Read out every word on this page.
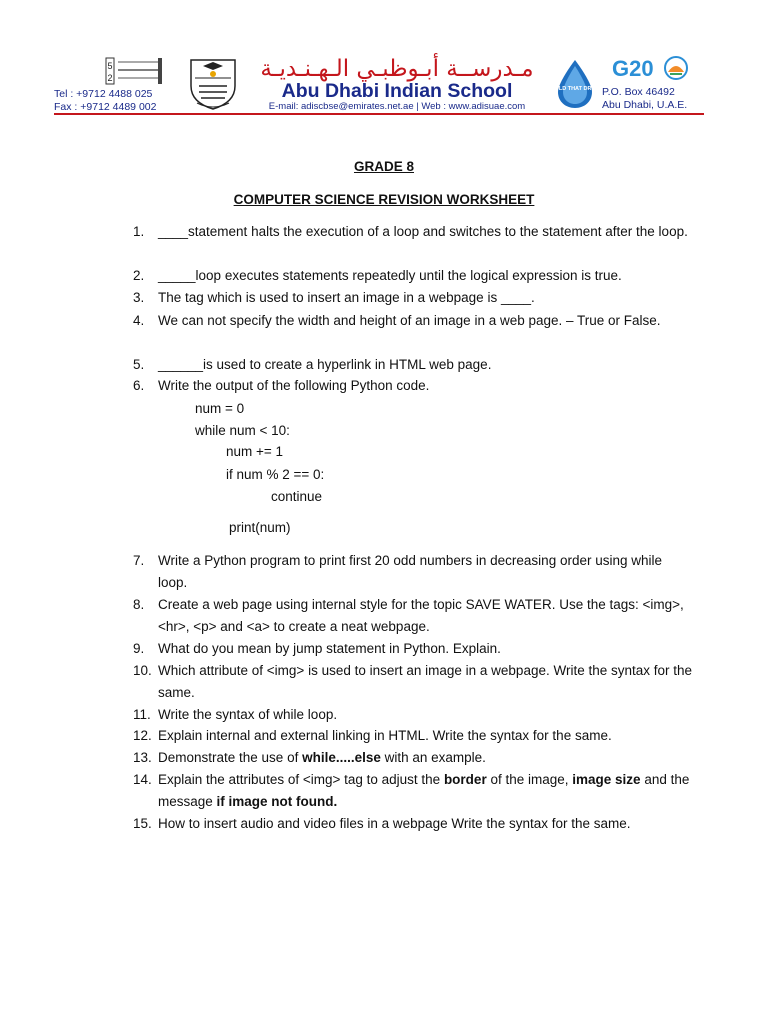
5
2
Tel : +9712 4488 025
Fax : +9712 4489 002
مـدرســة أبـوظبـي الـهـنـديـة
Abu Dhabi Indian School
E-mail: adiscbse@emirates.net.ae | Web : www.adisuae.com
HOLD THAT DROP
G20
P.O. Box 46492
Abu Dhabi, U.A.E.
GRADE 8
COMPUTER SCIENCE REVISION WORKSHEET
1. ____statement halts the execution of a loop and switches to the statement after the loop.
2. _____loop executes statements repeatedly until the logical expression is true.
3. The tag which is used to insert an image in a webpage is ____.
4. We can not specify the width and height of an image in a web page. – True or False.
5. ______is used to create a hyperlink in HTML web page.
6. Write the output of the following Python code.
num = 0
while num < 10:
num += 1
if num % 2 == 0:
continue
print(num)
7. Write a Python program to print first 20 odd numbers in decreasing order using while loop.
8. Create a web page using internal style for the topic SAVE WATER. Use the tags: <img>, <hr>, <p> and <a> to create a neat webpage.
9. What do you mean by jump statement in Python. Explain.
10. Which attribute of <img> is used to insert an image in a webpage. Write the syntax for the same.
11. Write the syntax of while loop.
12. Explain internal and external linking in HTML. Write the syntax for the same.
13. Demonstrate the use of while.....else with an example.
14. Explain the attributes of <img> tag to adjust the border of the image, image size and the message if image not found.
15. How to insert audio and video files in a webpage Write the syntax for the same.
